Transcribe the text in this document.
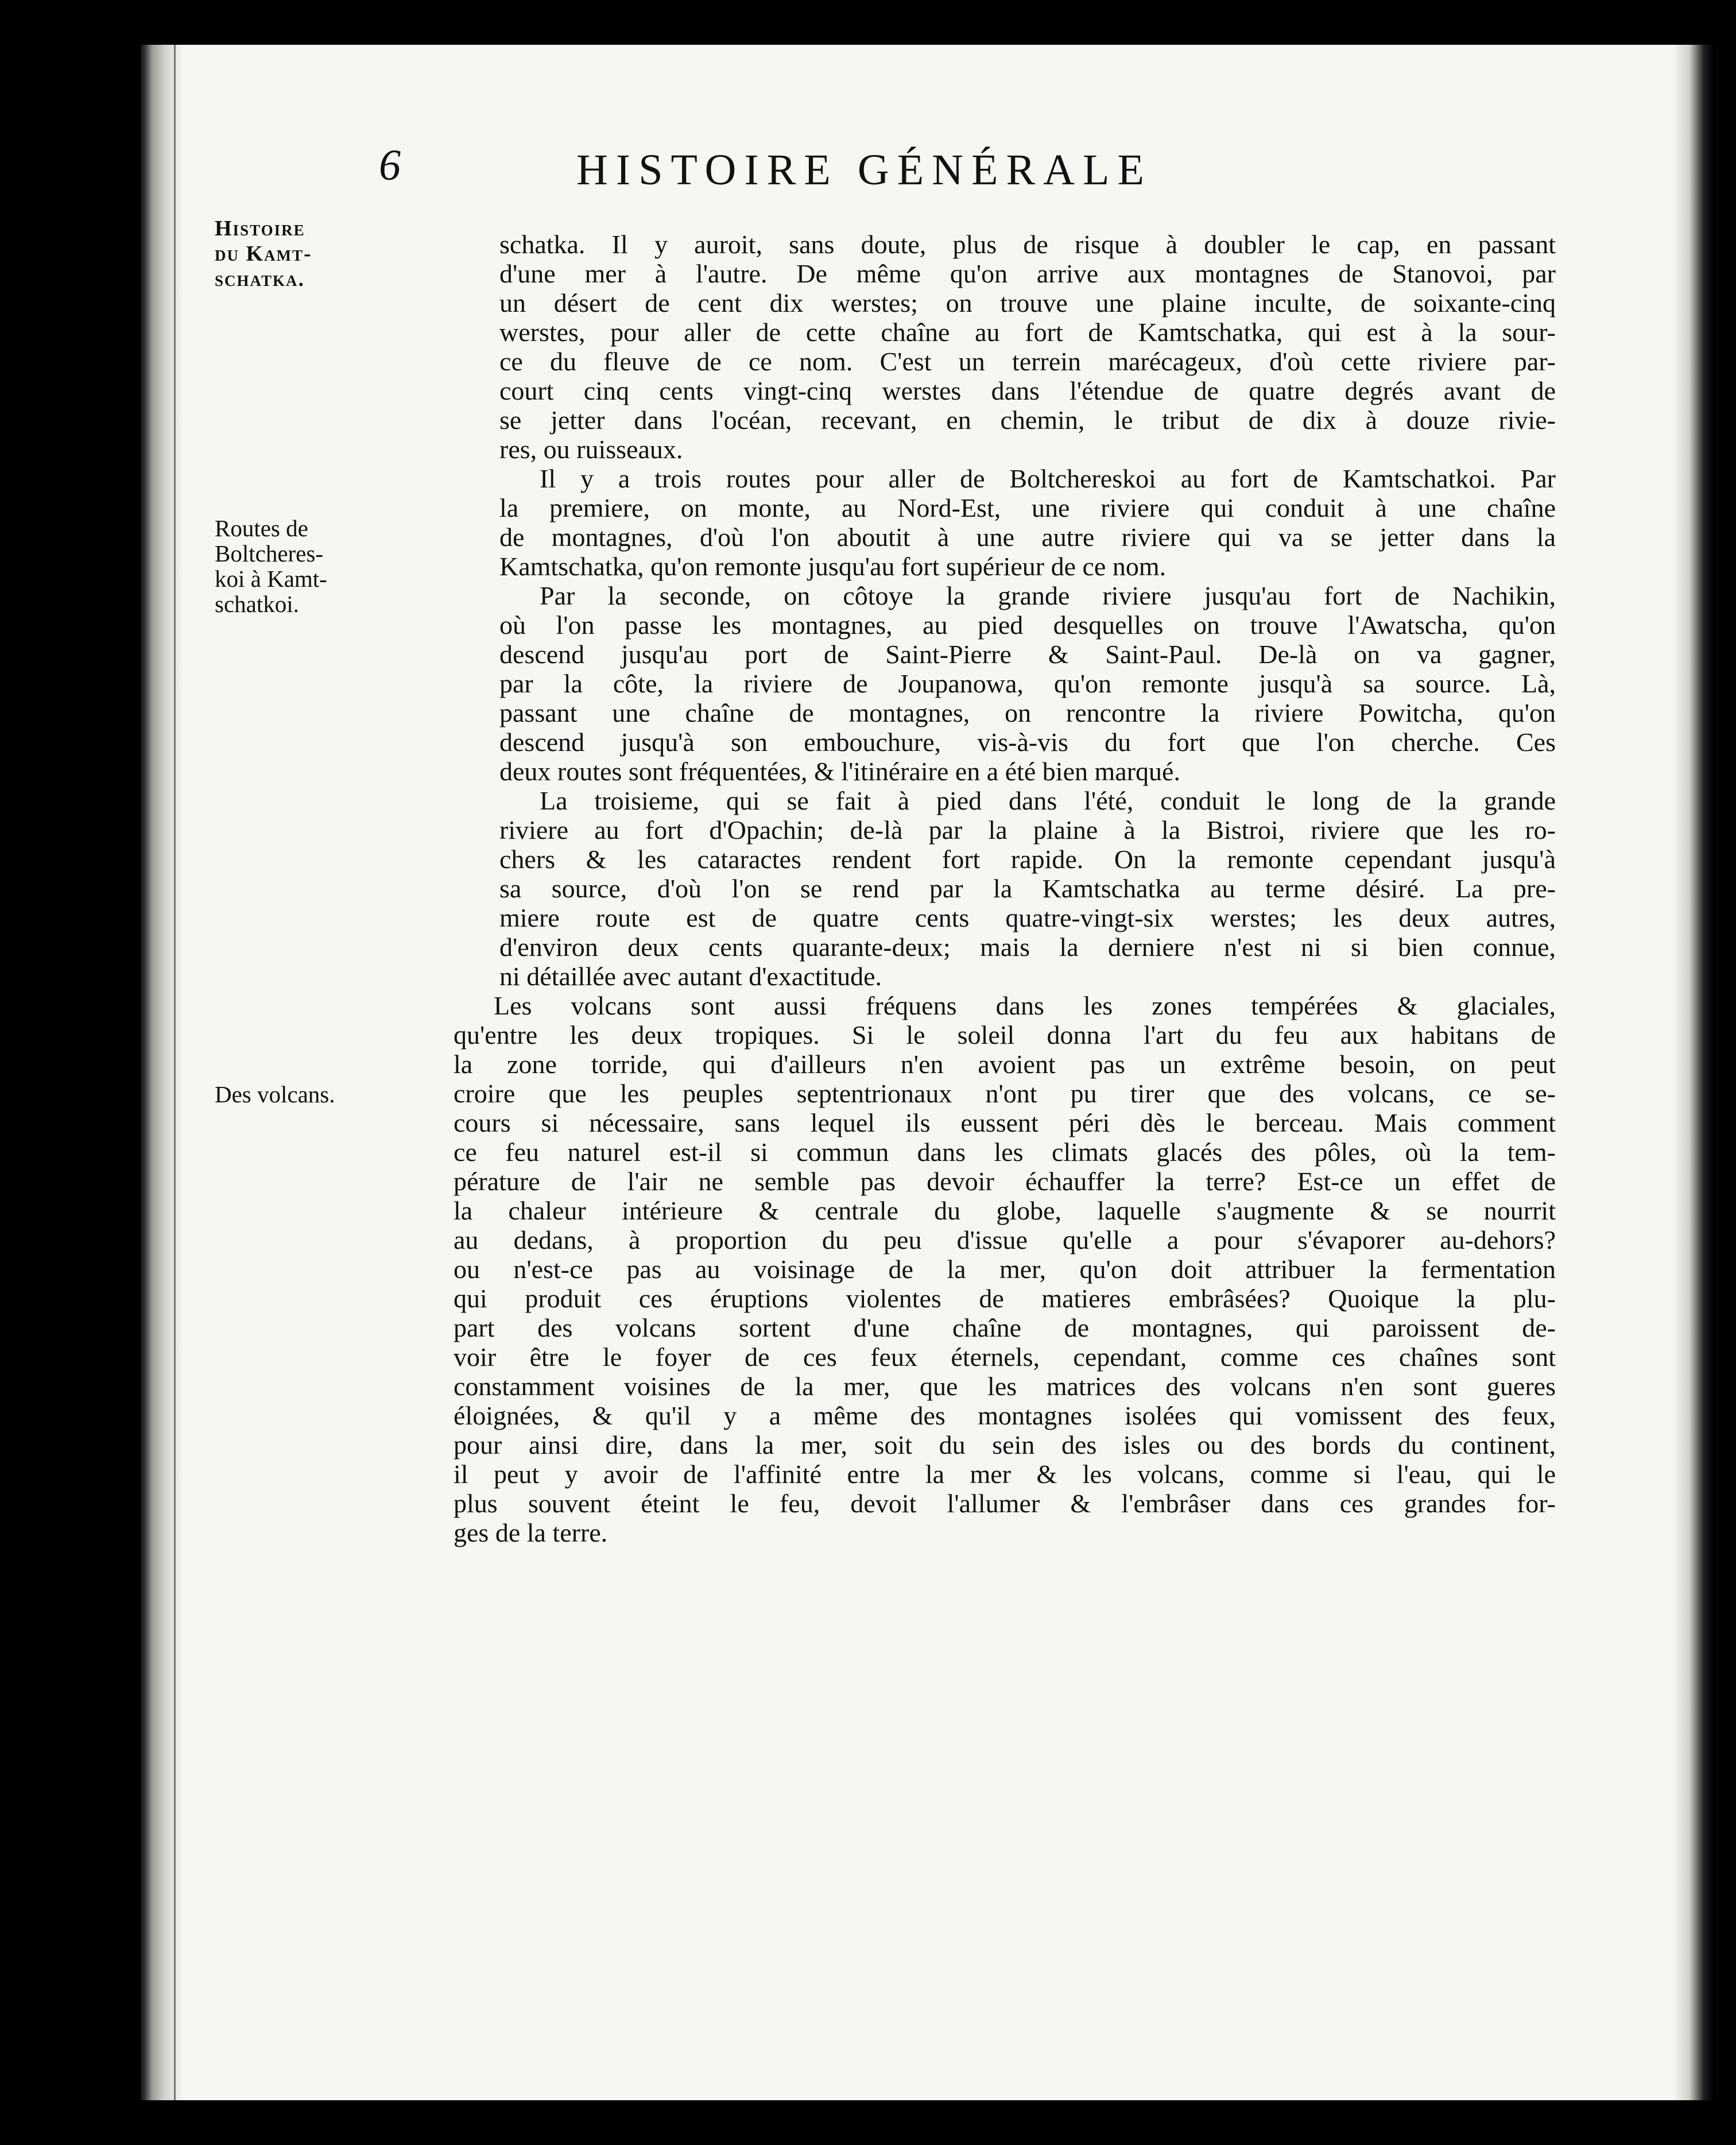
6	HISTOIRE GÉNÉRALE
Histoire
du Kamt-
schatka.
Routes de
Boltcheres-
koi à Kamt-
schatkoi.
Des volcans.
schatka. Il y auroit, sans doute, plus de risque à doubler le cap, en passant
d'une mer à l'autre. De même qu'on arrive aux montagnes de Stanovoi, par
un désert de cent dix werstes; on trouve une plaine inculte, de soixante-cinq
werstes, pour aller de cette chaîne au fort de Kamtschatka, qui est à la sour-
ce du fleuve de ce nom. C'est un terrein marécageux, d'où cette riviere par-
court cinq cents vingt-cinq werstes dans l'étendue de quatre degrés avant de
se jetter dans l'océan, recevant, en chemin, le tribut de dix à douze rivie-
res, ou ruisseaux.
Il y a trois routes pour aller de Boltchereskoi au fort de Kamtschatkoi. Par
la premiere, on monte, au Nord-Est, une riviere qui conduit à une chaîne
de montagnes, d'où l'on aboutit à une autre riviere qui va se jetter dans la
Kamtschatka, qu'on remonte jusqu'au fort supérieur de ce nom.
Par la seconde, on côtoye la grande riviere jusqu'au fort de Nachikin,
où l'on passe les montagnes, au pied desquelles on trouve l'Awatscha, qu'on
descend jusqu'au port de Saint-Pierre & Saint-Paul. De-là on va gagner,
par la côte, la riviere de Joupanowa, qu'on remonte jusqu'à sa source. Là,
passant une chaîne de montagnes, on rencontre la riviere Powitcha, qu'on
descend jusqu'à son embouchure, vis-à-vis du fort que l'on cherche. Ces
deux routes sont fréquentées, & l'itinéraire en a été bien marqué.
La troisieme, qui se fait à pied dans l'été, conduit le long de la grande
riviere au fort d'Opachin; de-là par la plaine à la Bistroi, riviere que les ro-
chers & les cataractes rendent fort rapide. On la remonte cependant jusqu'à
sa source, d'où l'on se rend par la Kamtschatka au terme désiré. La pre-
miere route est de quatre cents quatre-vingt-six werstes; les deux autres,
d'environ deux cents quarante-deux; mais la derniere n'est ni si bien connue,
ni détaillée avec autant d'exactitude.
Les volcans sont aussi fréquens dans les zones tempérées & glaciales,
qu'entre les deux tropiques. Si le soleil donna l'art du feu aux habitans de
la zone torride, qui d'ailleurs n'en avoient pas un extrême besoin, on peut
croire que les peuples septentrionaux n'ont pu tirer que des volcans, ce se-
cours si nécessaire, sans lequel ils eussent péri dès le berceau. Mais comment
ce feu naturel est-il si commun dans les climats glacés des pôles, où la tem-
pérature de l'air ne semble pas devoir échauffer la terre? Est-ce un effet de
la chaleur intérieure & centrale du globe, laquelle s'augmente & se nourrit
au dedans, à proportion du peu d'issue qu'elle a pour s'évaporer au-dehors?
ou n'est-ce pas au voisinage de la mer, qu'on doit attribuer la fermentation
qui produit ces éruptions violentes de matieres embrâsées? Quoique la plu-
part des volcans sortent d'une chaîne de montagnes, qui paroissent de-
voir être le foyer de ces feux éternels, cependant, comme ces chaînes sont
constamment voisines de la mer, que les matrices des volcans n'en sont gueres
éloignées, & qu'il y a même des montagnes isolées qui vomissent des feux,
pour ainsi dire, dans la mer, soit du sein des isles ou des bords du continent,
il peut y avoir de l'affinité entre la mer & les volcans, comme si l'eau, qui le
plus souvent éteint le feu, devoit l'allumer & l'embrâser dans ces grandes for-
ges de la terre.
